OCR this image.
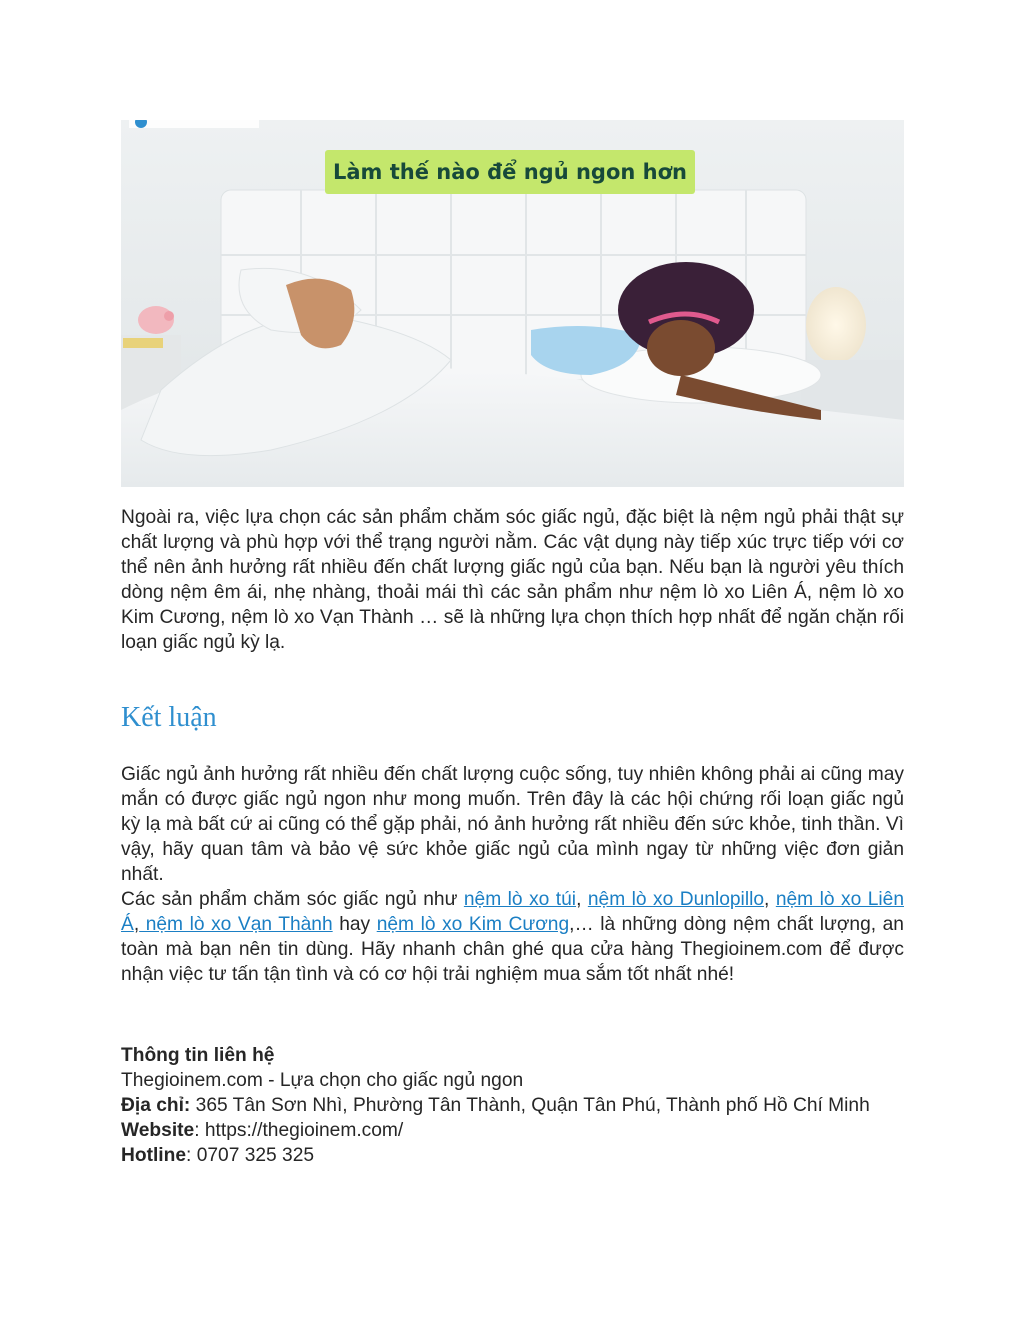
Làm thế nào để ngủ ngon hơn

Ngoài ra, việc lựa chọn các sản phẩm chăm sóc giấc ngủ, đặc biệt là nệm ngủ phải thật sự chất lượng và phù hợp với thể trạng người nằm. Các vật dụng này tiếp xúc trực tiếp với cơ thể nên ảnh hưởng rất nhiều đến chất lượng giấc ngủ của bạn. Nếu bạn là người yêu thích dòng nệm êm ái, nhẹ nhàng, thoải mái thì các sản phẩm như nệm lò xo Liên Á, nệm lò xo Kim Cương, nệm lò xo Vạn Thành … sẽ là những lựa chọn thích hợp nhất để ngăn chặn rối loạn giấc ngủ kỳ lạ.

Kết luận

Giấc ngủ ảnh hưởng rất nhiều đến chất lượng cuộc sống, tuy nhiên không phải ai cũng may mắn có được giấc ngủ ngon như mong muốn. Trên đây là các hội chứng rối loạn giấc ngủ kỳ lạ mà bất cứ ai cũng có thể gặp phải, nó ảnh hưởng rất nhiều đến sức khỏe, tinh thần. Vì vậy, hãy quan tâm và bảo vệ sức khỏe giấc ngủ của mình ngay từ những việc đơn giản nhất.

Các sản phẩm chăm sóc giấc ngủ như nệm lò xo túi, nệm lò xo Dunlopillo, nệm lò xo Liên Á, nệm lò xo Vạn Thành hay nệm lò xo Kim Cương,… là những dòng nệm chất lượng, an toàn mà bạn nên tin dùng. Hãy nhanh chân ghé qua cửa hàng Thegioinem.com để được nhận việc tư tấn tận tình và có cơ hội trải nghiệm mua sắm tốt nhất nhé!

Thông tin liên hệ

Thegioinem.com - Lựa chọn cho giấc ngủ ngon

Địa chỉ: 365 Tân Sơn Nhì, Phường Tân Thành, Quận Tân Phú, Thành phố Hồ Chí Minh

Website: https://thegioinem.com/

Hotline: 0707 325 325
